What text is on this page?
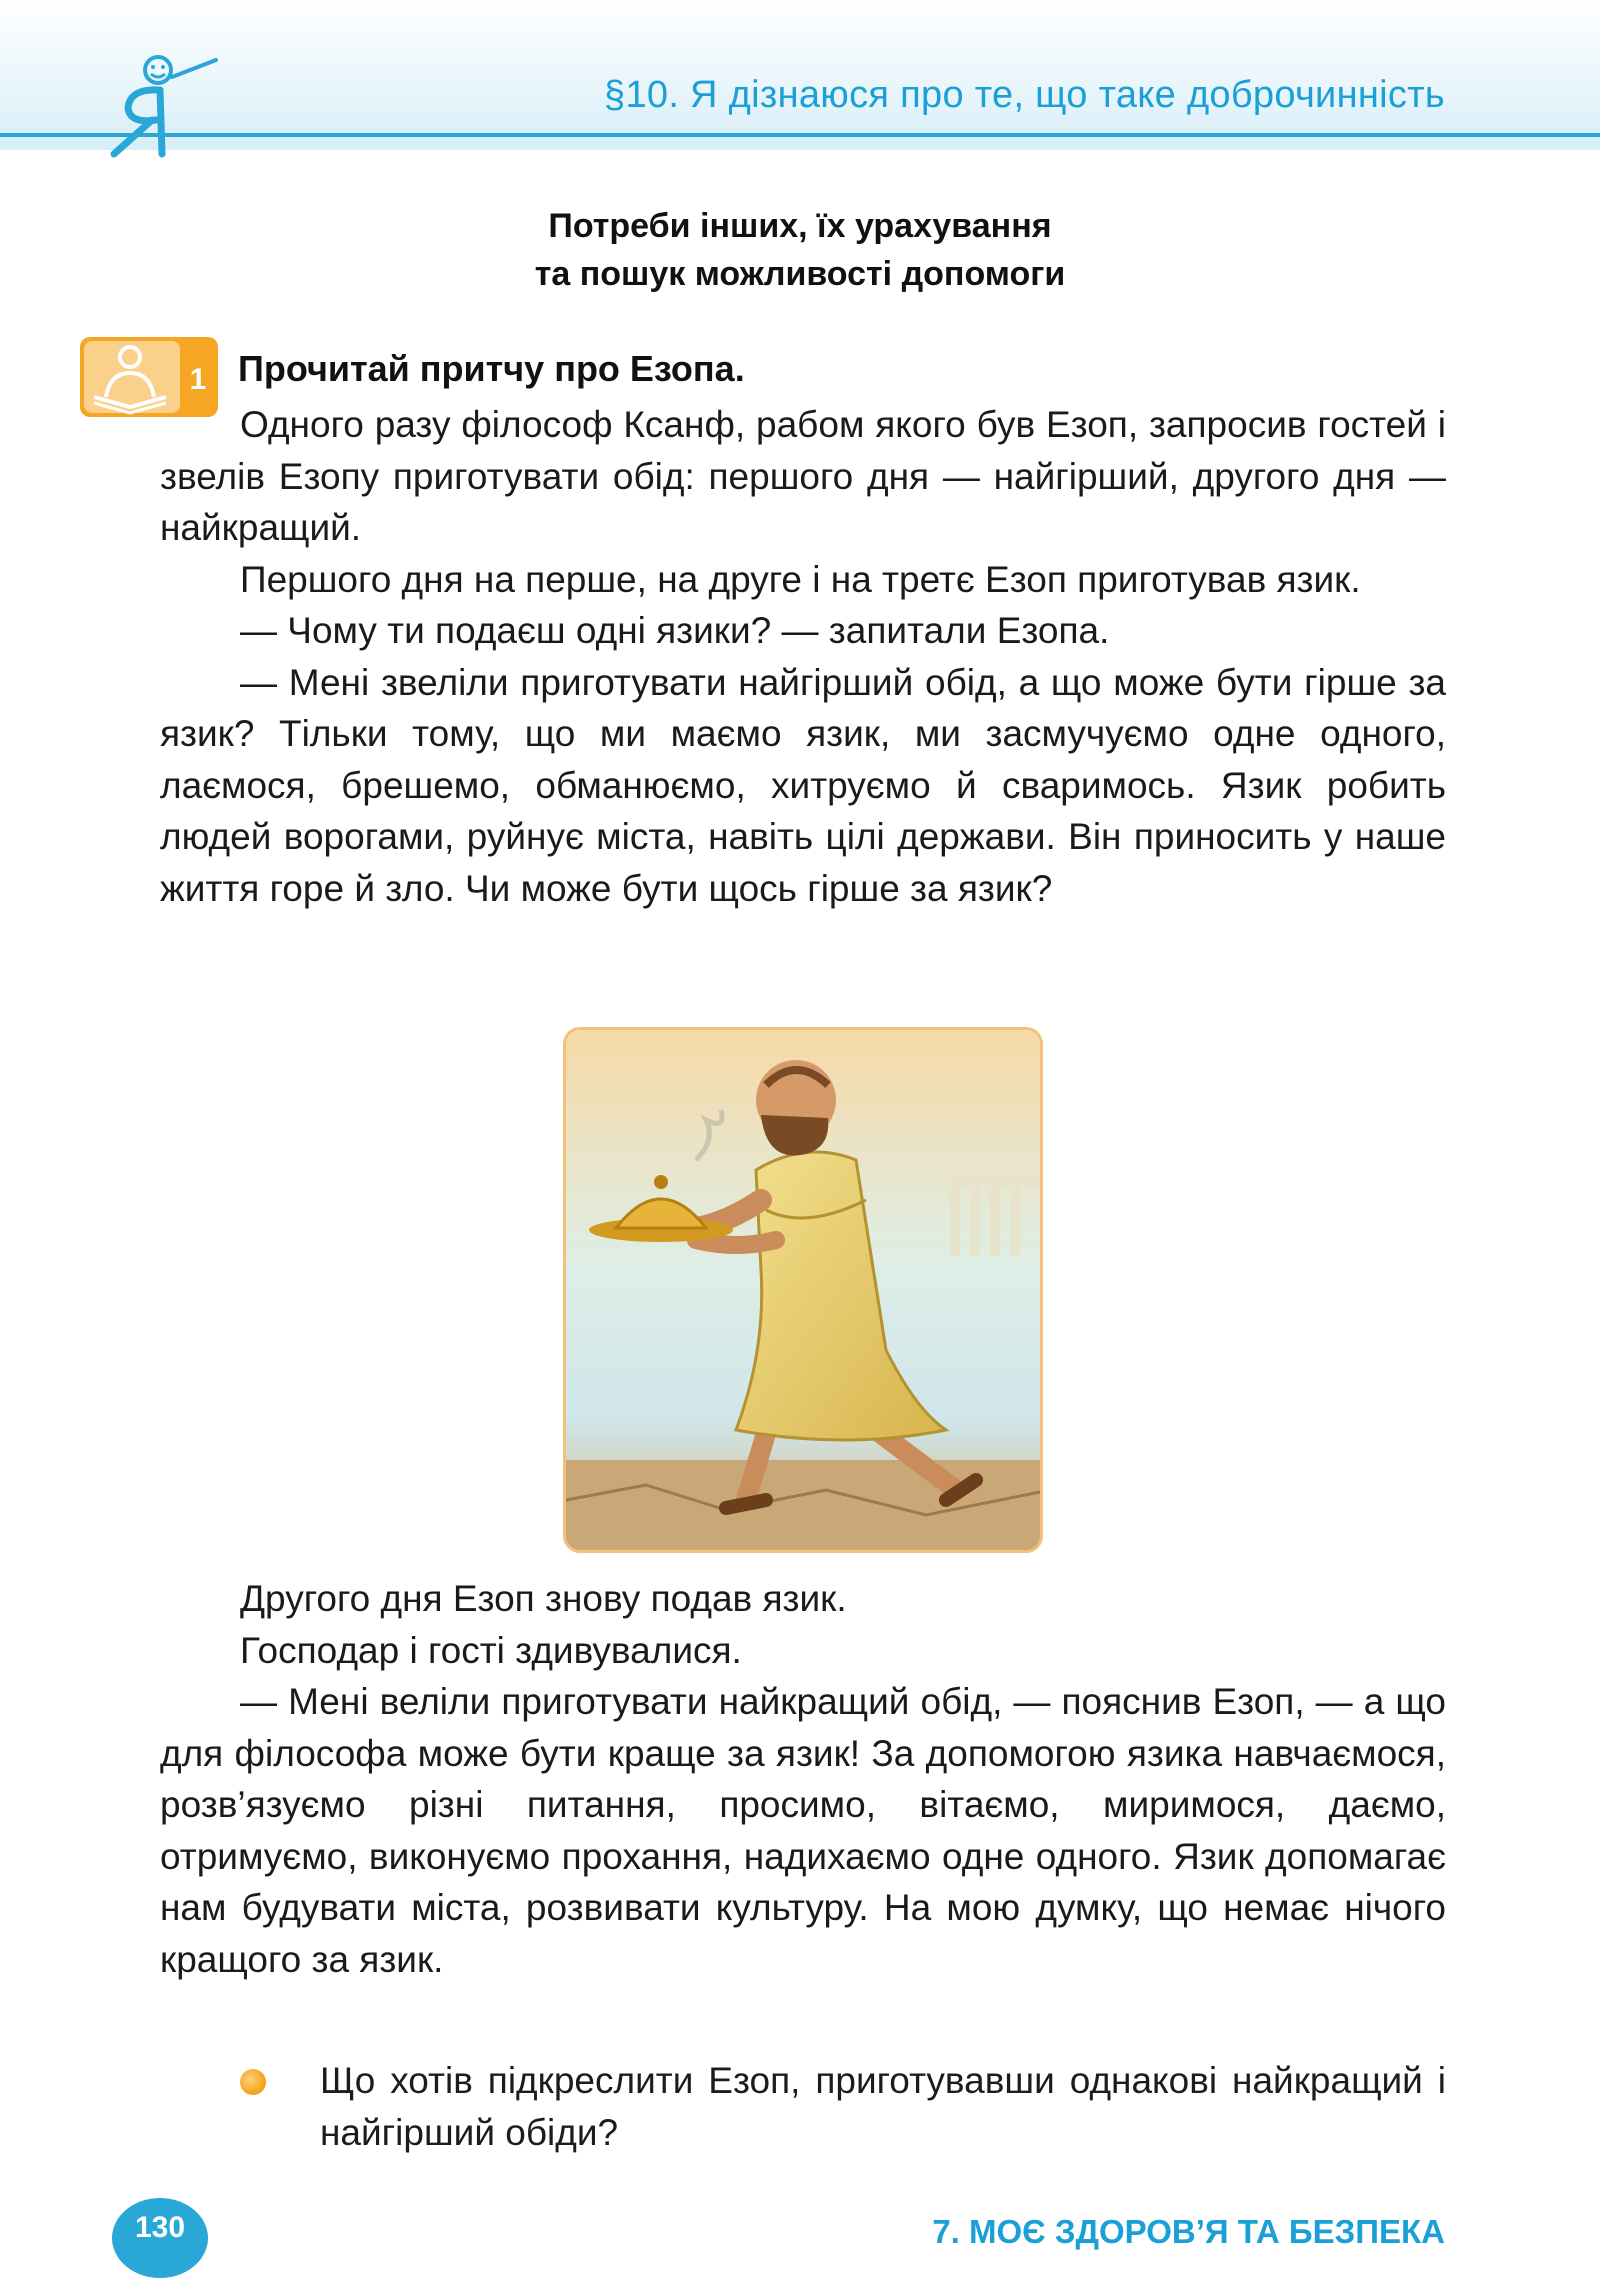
§10. Я дізнаюся про те, що таке доброчинність
Потреби інших, їх урахування
та пошук можливості допомоги
1 Прочитай притчу про Езопа.

Одного разу філософ Ксанф, рабом якого був Езоп, запросив гостей і звелів Езопу приготувати обід: першого дня — найгірший, другого дня — найкращий.

Першого дня на перше, на друге і на третє Езоп приготував язик.

— Чому ти подаєш одні язики? — запитали Езопа.

— Мені звеліли приготувати найгірший обід, а що може бути гірше за язик? Тільки тому, що ми маємо язик, ми засмучуємо одне одного, лаємося, брешемо, обманюємо, хитруємо й сваримось. Язик робить людей ворогами, руйнує міста, навіть цілі держави. Він приносить у наше життя горе й зло. Чи може бути щось гірше за язик?

Другого дня Езоп знову подав язик.

Господар і гості здивувалися.

— Мені веліли приготувати найкращий обід, — пояснив Езоп, — а що для філософа може бути краще за язик! За допомогою язика навчаємося, розв’язуємо різні питання, просимо, вітаємо, миримося, даємо, отримуємо, виконуємо прохання, надихаємо одне одного. Язик допомагає нам будувати міста, розвивати культуру. На мою думку, що немає нічого кращого за язик.

Що хотів підкреслити Езоп, приготувавши однакові найкращий і найгірший обіди?
130	7. МОЄ ЗДОРОВ’Я ТА БЕЗПЕКА
